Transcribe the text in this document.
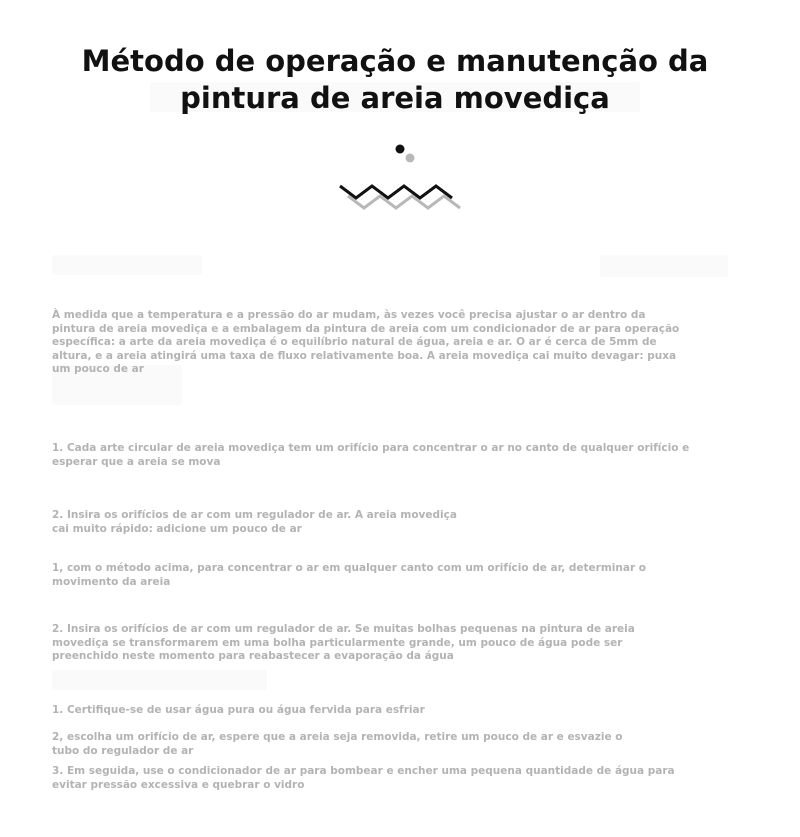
Método de operação e manutenção da pintura de areia movediça

À medida que a temperatura e a pressão do ar mudam, às vezes você precisa ajustar o ar dentro da pintura de areia movediça e a embalagem da pintura de areia com um condicionador de ar para operação específica: a arte da areia movediça é o equilíbrio natural de água, areia e ar. O ar é cerca de 5mm de altura, e a areia atingirá uma taxa de fluxo relativamente boa. A areia movediça cai muito devagar: puxa um pouco de ar

1. Cada arte circular de areia movediça tem um orifício para concentrar o ar no canto de qualquer orifício e esperar que a areia se mova

2. Insira os orifícios de ar com um regulador de ar. A areia movediça cai muito rápido: adicione um pouco de ar

1, com o método acima, para concentrar o ar em qualquer canto com um orifício de ar, determinar o movimento da areia

2. Insira os orifícios de ar com um regulador de ar. Se muitas bolhas pequenas na pintura de areia movediça se transformarem em uma bolha particularmente grande, um pouco de água pode ser preenchido neste momento para reabastecer a evaporação da água

1. Certifique-se de usar água pura ou água fervida para esfriar

2, escolha um orifício de ar, espere que a areia seja removida, retire um pouco de ar e esvazie o tubo do regulador de ar

3. Em seguida, use o condicionador de ar para bombear e encher uma pequena quantidade de água para evitar pressão excessiva e quebrar o vidro
